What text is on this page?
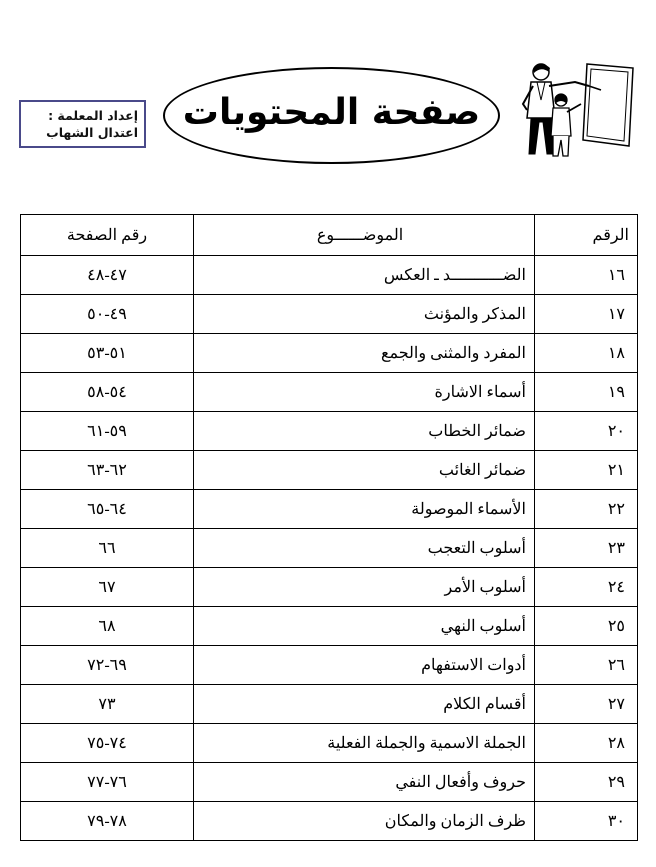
إعداد المعلمة :
اعتدال الشهاب صفحة المحتويات
الرقم	الموضــــــوع	رقم الصفحة
١٦	الضـــــــــــد ـ العكس	٤٧-٤٨
١٧	المذكر والمؤنث	٤٩-٥٠
١٨	المفرد والمثنى والجمع	٥١-٥٣
١٩	أسماء الاشارة	٥٤-٥٨
٢٠	ضمائر الخطاب	٥٩-٦١
٢١	ضمائر الغائب	٦٢-٦٣
٢٢	الأسماء الموصولة	٦٤-٦٥
٢٣	أسلوب التعجب	٦٦
٢٤	أسلوب الأمر	٦٧
٢٥	أسلوب النهي	٦٨
٢٦	أدوات الاستفهام	٦٩-٧٢
٢٧	أقسام الكلام	٧٣
٢٨	الجملة الاسمية والجملة الفعلية	٧٤-٧٥
٢٩	حروف وأفعال النفي	٧٦-٧٧
٣٠	ظرف الزمان والمكان	٧٨-٧٩
